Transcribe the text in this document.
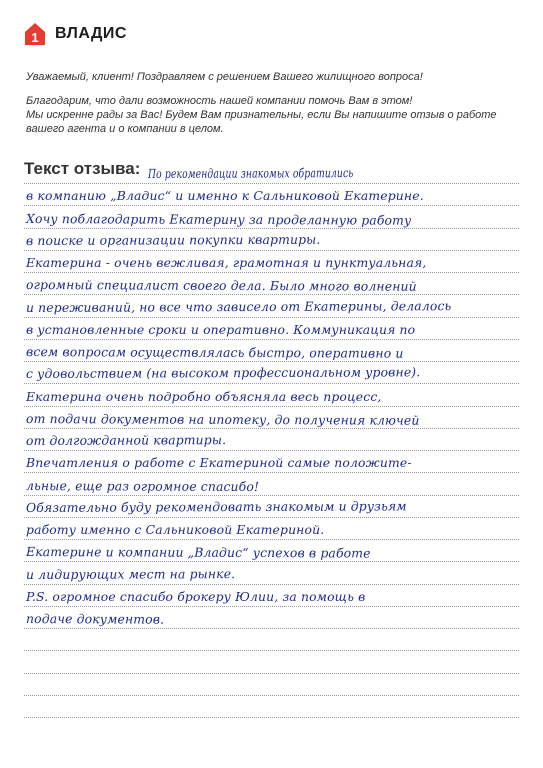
1 ВЛАДИС

Уважаемый, клиент! Поздравляем с решением Вашего жилищного вопроса!

Благодарим, что дали возможность нашей компании помочь Вам в этом!
Мы искренне рады за Вас! Будем Вам признательны, если Вы напишите отзыв о работе
вашего агента и о компании в целом.

Текст отзыва: По рекомендации знакомых обратились
в компанию „Владис“ и именно к Сальниковой Екатерине.
Хочу поблагодарить Екатерину за проделанную работу
в поиске и организации покупки квартиры.
Екатерина - очень вежливая, грамотная и пунктуальная,
огромный специалист своего дела. Было много волнений
и переживаний, но все что зависело от Екатерины, делалось
в установленные сроки и оперативно. Коммуникация по
всем вопросам осуществлялась быстро, оперативно и
с удовольствием (на высоком профессиональном уровне).
Екатерина очень подробно объясняла весь процесс,
от подачи документов на ипотеку, до получения ключей
от долгожданной квартиры.
Впечатления о работе с Екатериной самые положите-
льные, еще раз огромное спасибо!
Обязательно буду рекомендовать знакомым и друзьям
работу именно с Сальниковой Екатериной.
Екатерине и компании „Владис“ успехов в работе
и лидирующих мест на рынке.
P.S. огромное спасибо брокеру Юлии, за помощь в
подаче документов.
